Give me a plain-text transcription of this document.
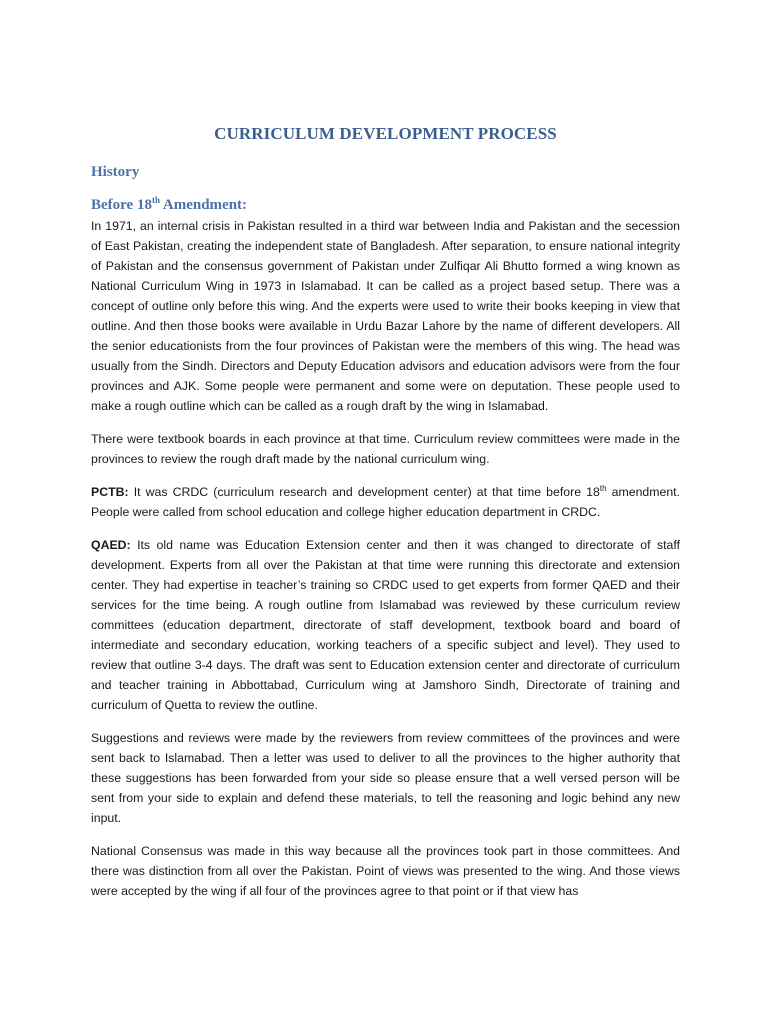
CURRICULUM DEVELOPMENT PROCESS
History
Before 18th Amendment:

In 1971, an internal crisis in Pakistan resulted in a third war between India and Pakistan and the secession of East Pakistan, creating the independent state of Bangladesh. After separation, to ensure national integrity of Pakistan and the consensus government of Pakistan under Zulfiqar Ali Bhutto formed a wing known as National Curriculum Wing in 1973 in Islamabad. It can be called as a project based setup. There was a concept of outline only before this wing. And the experts were used to write their books keeping in view that outline. And then those books were available in Urdu Bazar Lahore by the name of different developers. All the senior educationists from the four provinces of Pakistan were the members of this wing. The head was usually from the Sindh. Directors and Deputy Education advisors and education advisors were from the four provinces and AJK. Some people were permanent and some were on deputation. These people used to make a rough outline which can be called as a rough draft by the wing in Islamabad.

There were textbook boards in each province at that time. Curriculum review committees were made in the provinces to review the rough draft made by the national curriculum wing.

PCTB: It was CRDC (curriculum research and development center) at that time before 18th amendment. People were called from school education and college higher education department in CRDC.

QAED: Its old name was Education Extension center and then it was changed to directorate of staff development. Experts from all over the Pakistan at that time were running this directorate and extension center. They had expertise in teacher’s training so CRDC used to get experts from former QAED and their services for the time being. A rough outline from Islamabad was reviewed by these curriculum review committees (education department, directorate of staff development, textbook board and board of intermediate and secondary education, working teachers of a specific subject and level). They used to review that outline 3-4 days. The draft was sent to Education extension center and directorate of curriculum and teacher training in Abbottabad, Curriculum wing at Jamshoro Sindh, Directorate of training and curriculum of Quetta to review the outline.

Suggestions and reviews were made by the reviewers from review committees of the provinces and were sent back to Islamabad. Then a letter was used to deliver to all the provinces to the higher authority that these suggestions has been forwarded from your side so please ensure that a well versed person will be sent from your side to explain and defend these materials, to tell the reasoning and logic behind any new input.

National Consensus was made in this way because all the provinces took part in those committees. And there was distinction from all over the Pakistan. Point of views was presented to the wing. And those views were accepted by the wing if all four of the provinces agree to that point or if that view has
